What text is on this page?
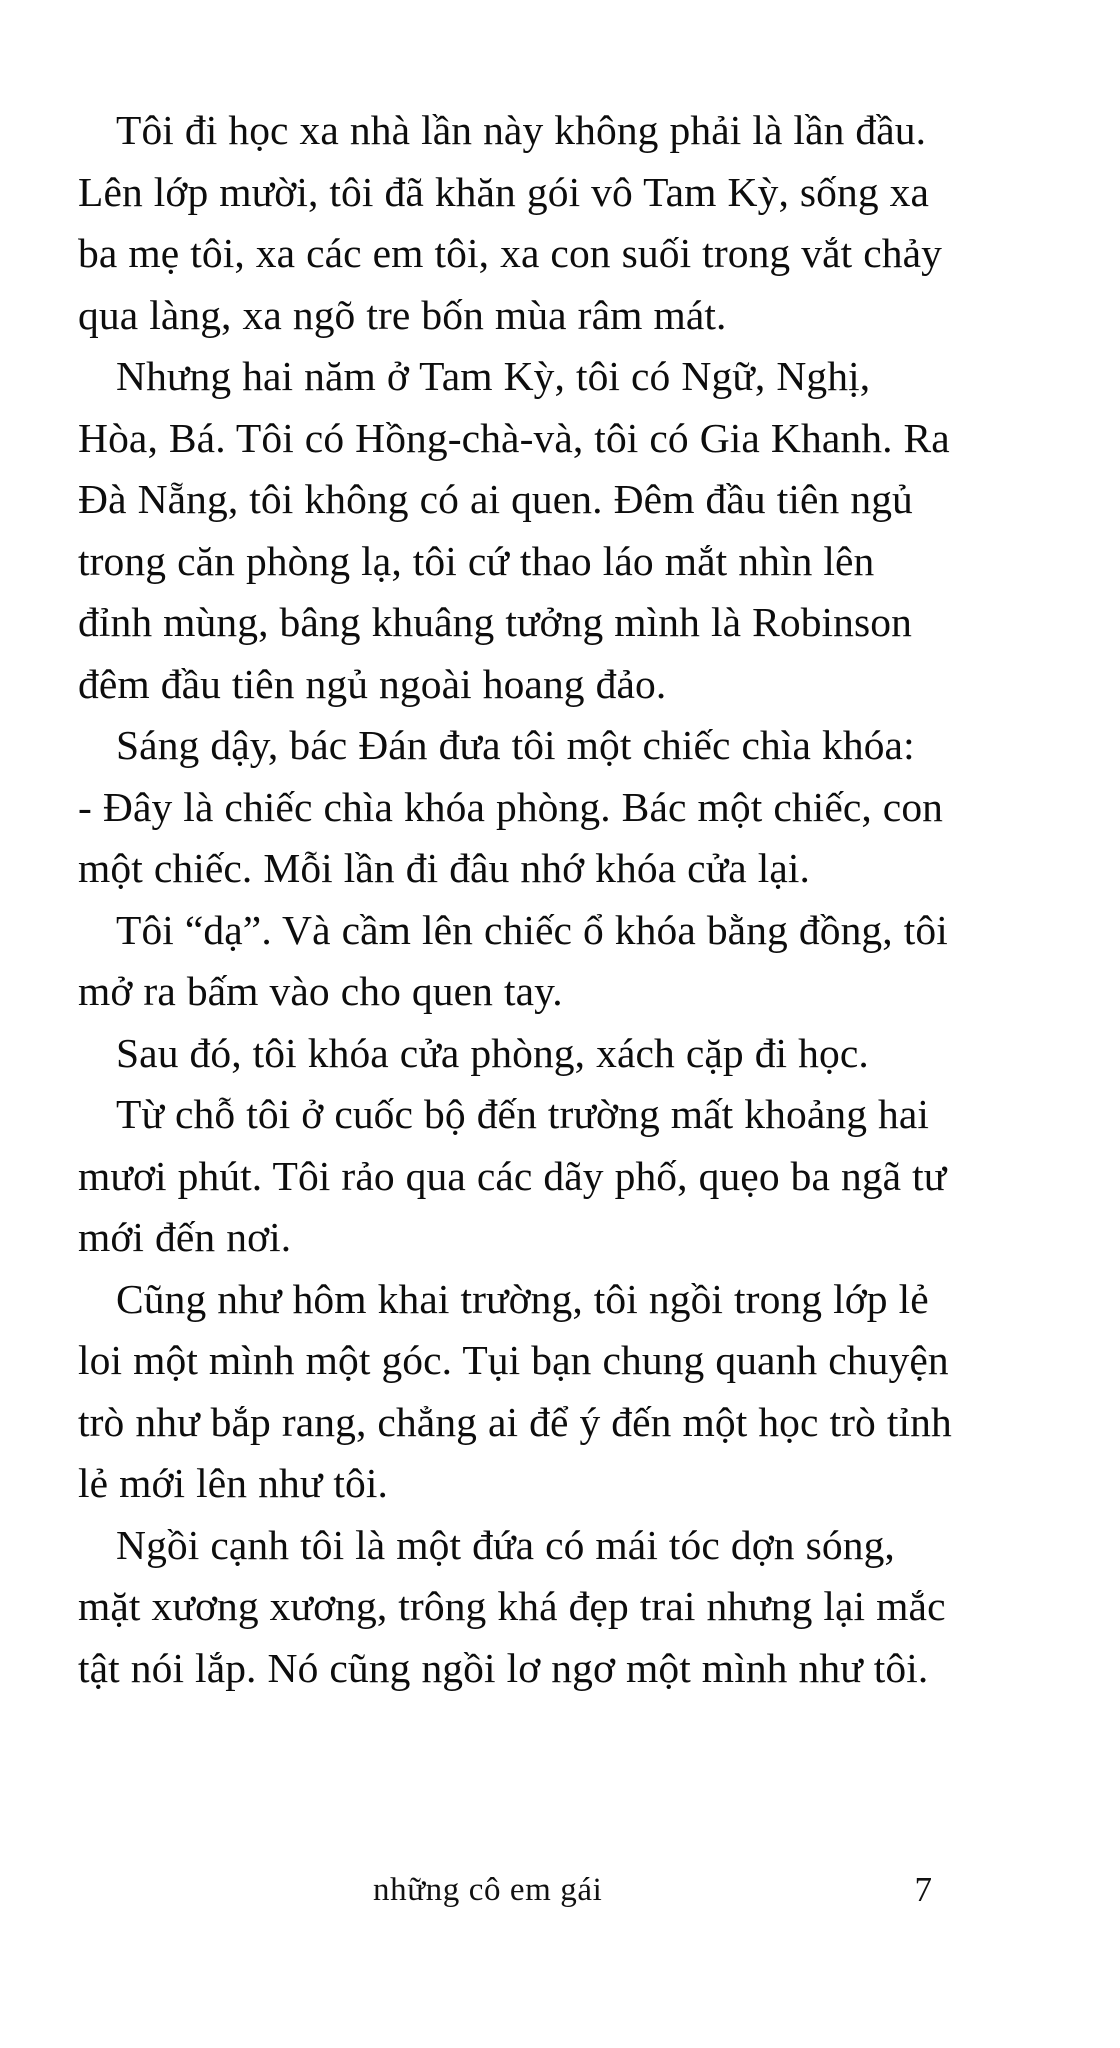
Tôi đi học xa nhà lần này không phải là lần đầu. Lên lớp mười, tôi đã khăn gói vô Tam Kỳ, sống xa ba mẹ tôi, xa các em tôi, xa con suối trong vắt chảy qua làng, xa ngõ tre bốn mùa râm mát.

Nhưng hai năm ở Tam Kỳ, tôi có Ngữ, Nghị, Hòa, Bá. Tôi có Hồng-chà-và, tôi có Gia Khanh. Ra Đà Nẵng, tôi không có ai quen. Đêm đầu tiên ngủ trong căn phòng lạ, tôi cứ thao láo mắt nhìn lên đỉnh mùng, bâng khuâng tưởng mình là Robinson đêm đầu tiên ngủ ngoài hoang đảo.

Sáng dậy, bác Đán đưa tôi một chiếc chìa khóa:

- Đây là chiếc chìa khóa phòng. Bác một chiếc, con một chiếc. Mỗi lần đi đâu nhớ khóa cửa lại.

Tôi “dạ”. Và cầm lên chiếc ổ khóa bằng đồng, tôi mở ra bấm vào cho quen tay.

Sau đó, tôi khóa cửa phòng, xách cặp đi học.

Từ chỗ tôi ở cuốc bộ đến trường mất khoảng hai mươi phút. Tôi rảo qua các dãy phố, quẹo ba ngã tư mới đến nơi.

Cũng như hôm khai trường, tôi ngồi trong lớp lẻ loi một mình một góc. Tụi bạn chung quanh chuyện trò như bắp rang, chẳng ai để ý đến một học trò tỉnh lẻ mới lên như tôi.

Ngồi cạnh tôi là một đứa có mái tóc dợn sóng, mặt xương xương, trông khá đẹp trai nhưng lại mắc tật nói lắp. Nó cũng ngồi lơ ngơ một mình như tôi.

những cô em gái	7
